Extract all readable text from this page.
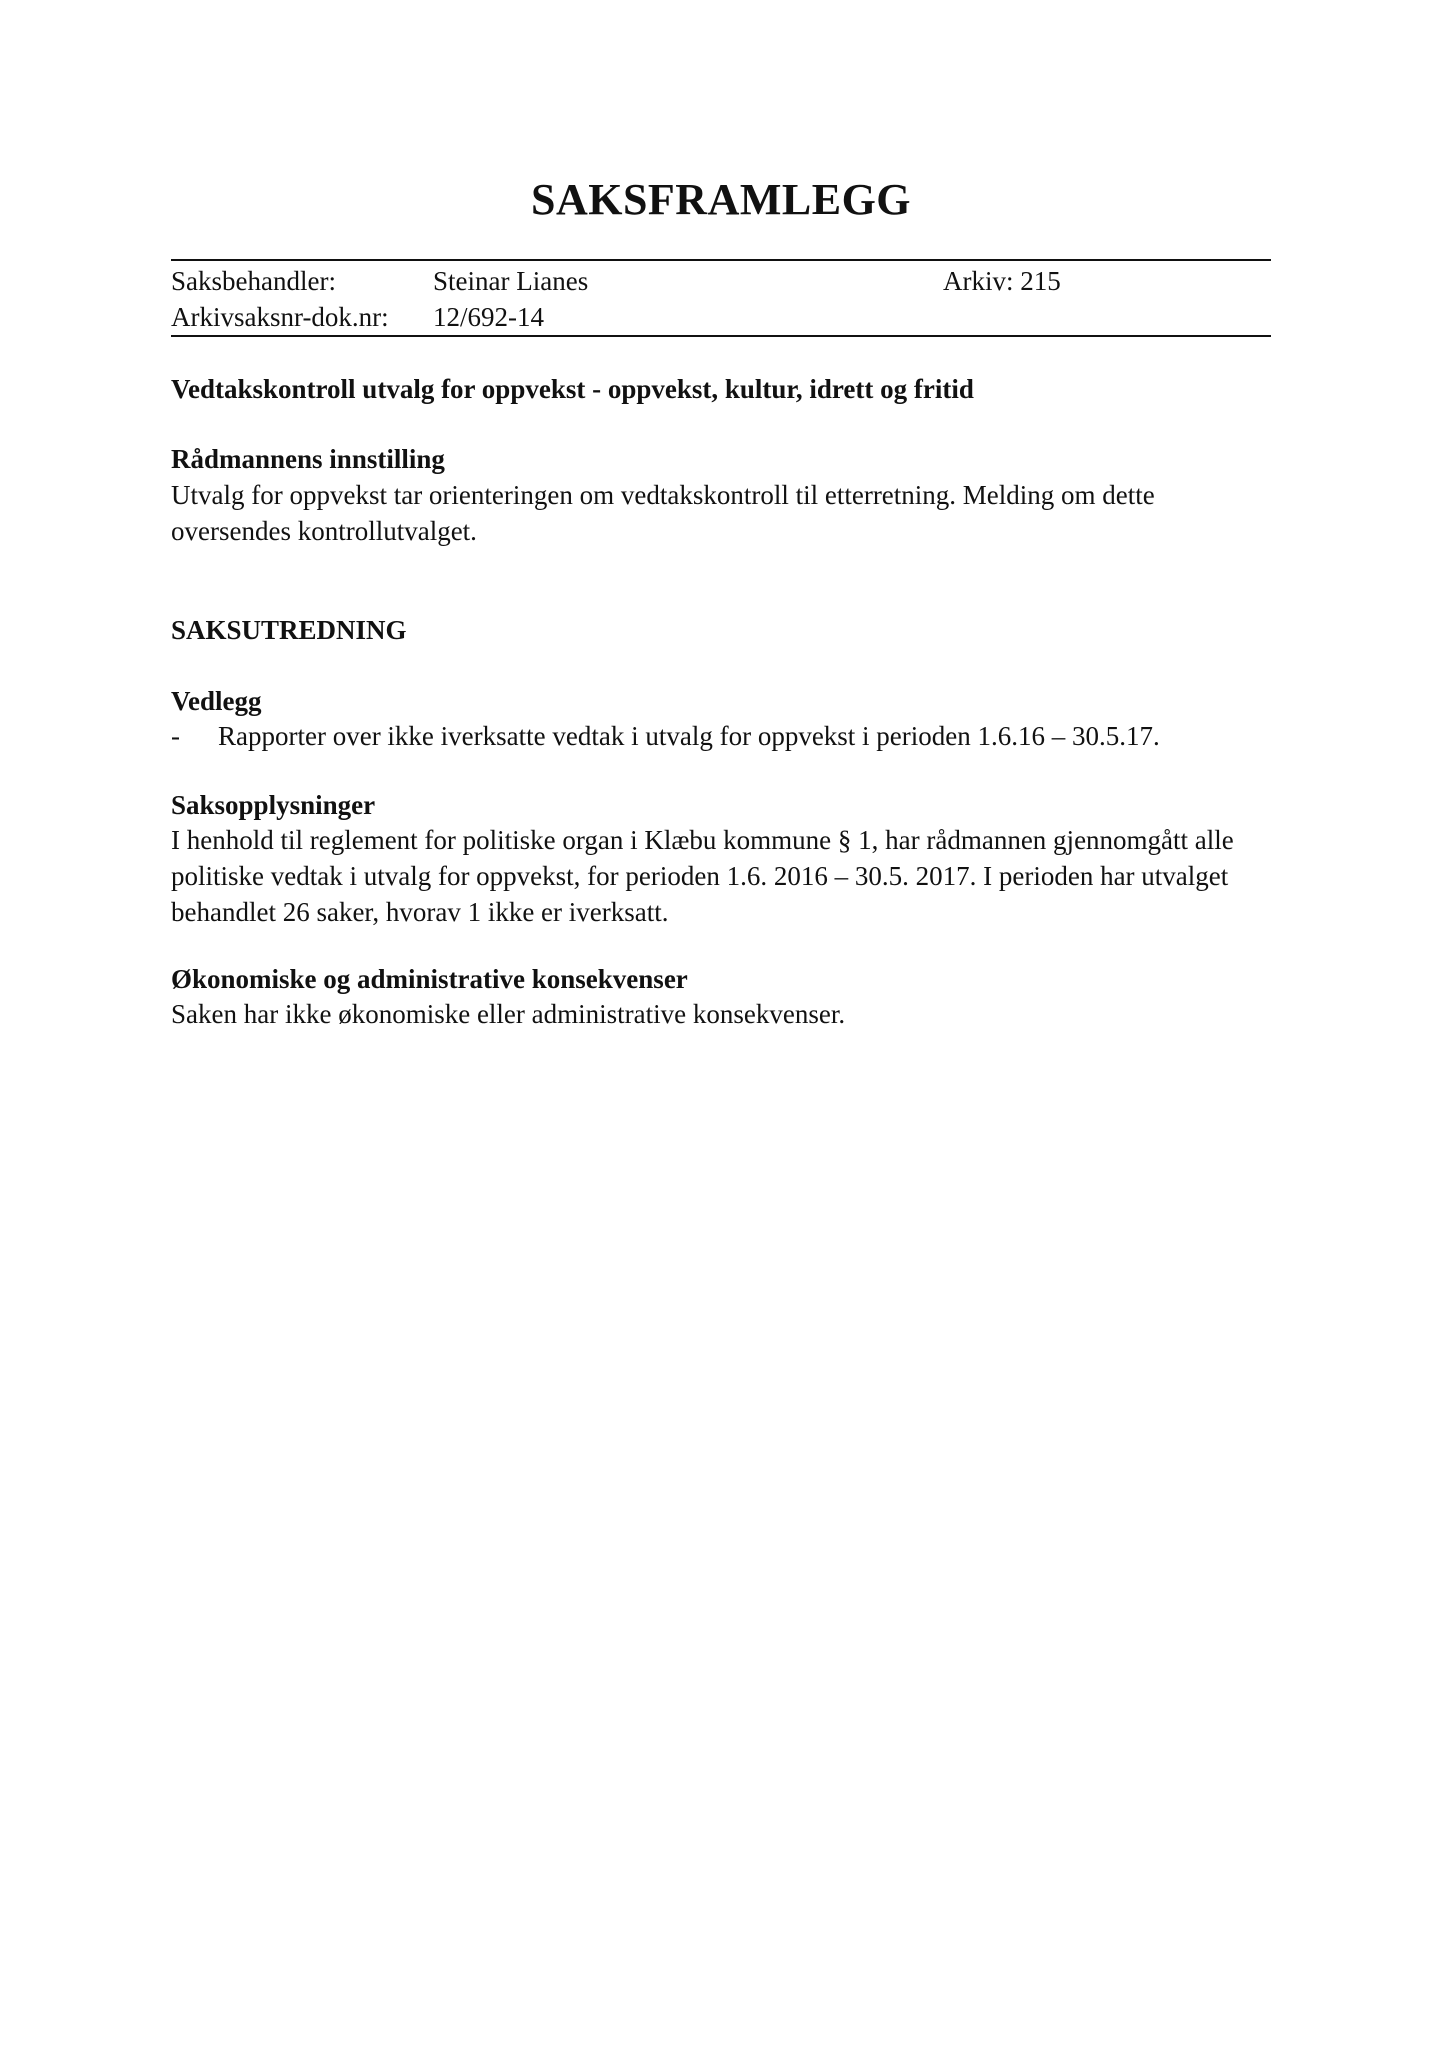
SAKSFRAMLEGG
Saksbehandler:	Steinar Lianes	Arkiv: 215
Arkivsaksnr-dok.nr: 12/692-14
Vedtakskontroll utvalg for oppvekst - oppvekst, kultur, idrett og fritid
Rådmannens innstilling

Utvalg for oppvekst tar orienteringen om vedtakskontroll til etterretning. Melding om dette oversendes kontrollutvalget.

SAKSUTREDNING
Vedlegg
- Rapporter over ikke iverksatte vedtak i utvalg for oppvekst i perioden 1.6.16 – 30.5.17.
Saksopplysninger

I henhold til reglement for politiske organ i Klæbu kommune § 1, har rådmannen gjennomgått alle politiske vedtak i utvalg for oppvekst, for perioden 1.6. 2016 – 30.5. 2017. I perioden har utvalget behandlet 26 saker, hvorav 1 ikke er iverksatt.

Økonomiske og administrative konsekvenser

Saken har ikke økonomiske eller administrative konsekvenser.
